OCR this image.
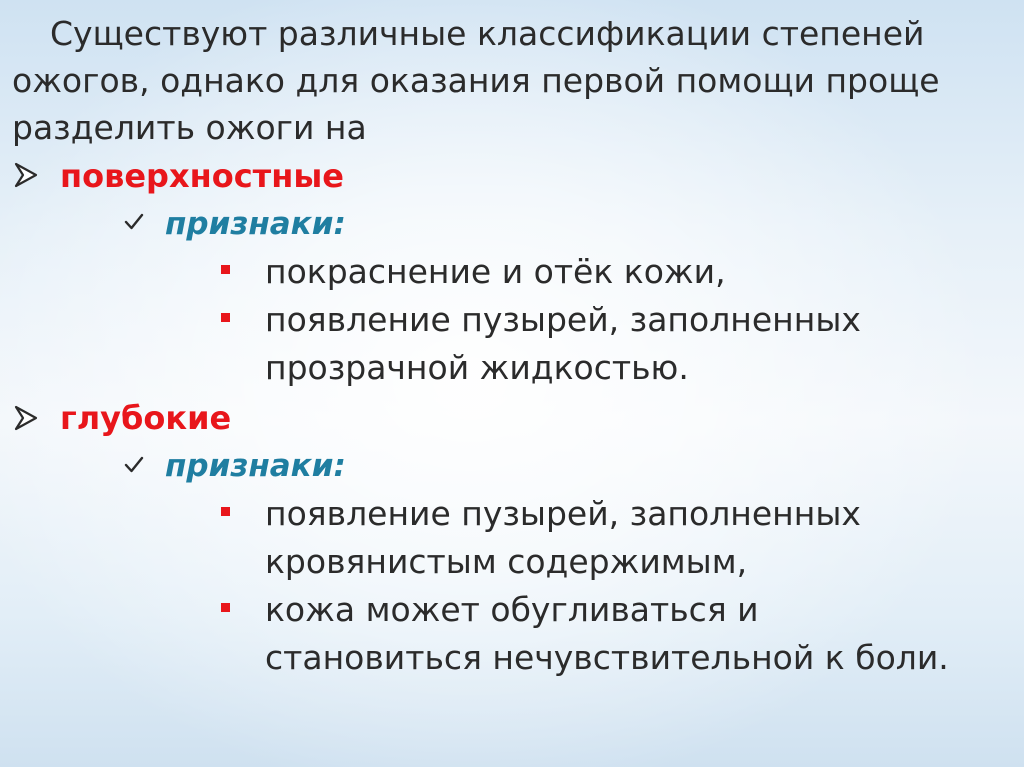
Существуют различные классификации степеней
ожогов, однако для оказания первой помощи проще
разделить ожоги на
поверхностные
признаки:
покраснение и отёк кожи,
появление пузырей, заполненных
прозрачной жидкостью.
глубокие
признаки:
появление пузырей, заполненных
кровянистым содержимым,
кожа может обугливаться и
становиться нечувствительной к боли.
